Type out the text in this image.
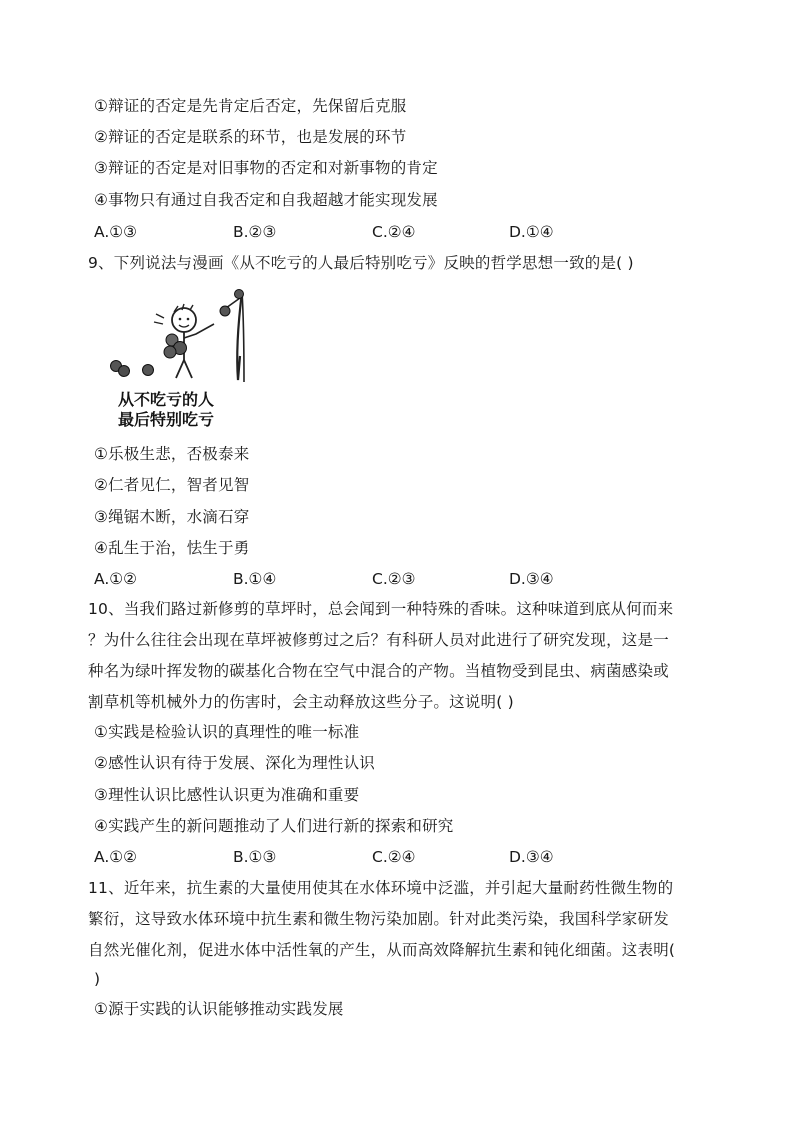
①辩证的否定是先肯定后否定，先保留后克服
②辩证的否定是联系的环节，也是发展的环节
③辩证的否定是对旧事物的否定和对新事物的肯定
④事物只有通过自我否定和自我超越才能实现发展
A.①③	B.②③	C.②④	D.①④
9、下列说法与漫画《从不吃亏的人最后特别吃亏》反映的哲学思想一致的是( )
从不吃亏的人
最后特别吃亏
①乐极生悲，否极泰来
②仁者见仁，智者见智
③绳锯木断，水滴石穿
④乱生于治，怯生于勇
A.①②	B.①④	C.②③	D.③④
10、当我们路过新修剪的草坪时，总会闻到一种特殊的香味。这种味道到底从何而来
？为什么往往会出现在草坪被修剪过之后？有科研人员对此进行了研究发现，这是一
种名为绿叶挥发物的碳基化合物在空气中混合的产物。当植物受到昆虫、病菌感染或
割草机等机械外力的伤害时，会主动释放这些分子。这说明( )
①实践是检验认识的真理性的唯一标准
②感性认识有待于发展、深化为理性认识
③理性认识比感性认识更为准确和重要
④实践产生的新问题推动了人们进行新的探索和研究
A.①②	B.①③	C.②④	D.③④
11、近年来，抗生素的大量使用使其在水体环境中泛滥，并引起大量耐药性微生物的
繁衍，这导致水体环境中抗生素和微生物污染加剧。针对此类污染，我国科学家研发
自然光催化剂，促进水体中活性氧的产生，从而高效降解抗生素和钝化细菌。这表明(
)
①源于实践的认识能够推动实践发展
